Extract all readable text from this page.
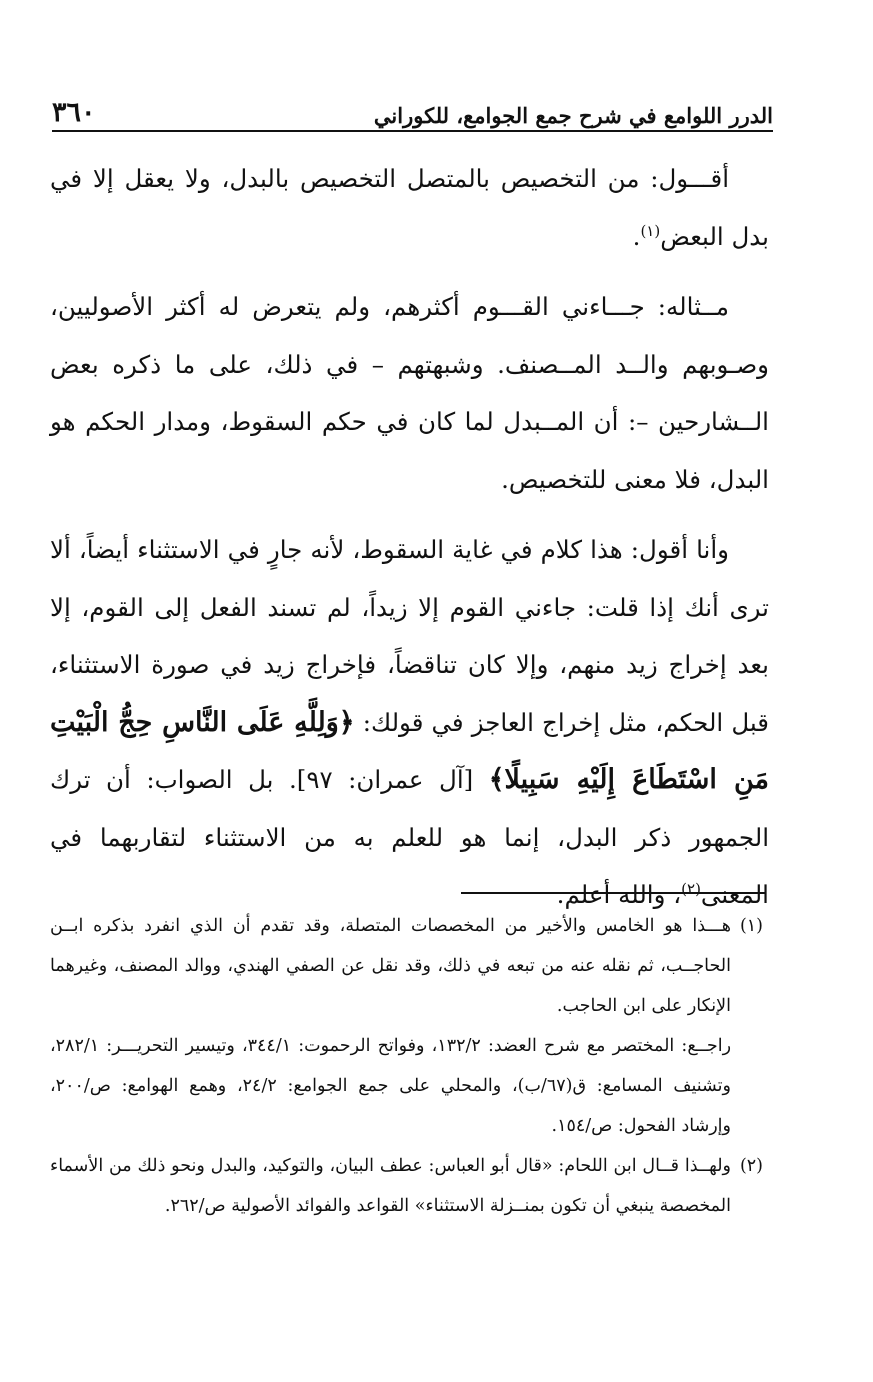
الدرر اللوامع في شرح جمع الجوامع، للكوراني
٣٦٠

أقـــول: من التخصيص بالمتصل التخصيص بالبدل، ولا يعقل إلا في بدل البعض$^{(١)}$.

مــثاله: جـــاءني القـــوم أكثرهم، ولم يتعرض له أكثر الأصوليين، وصـوبهم والــد المــصنف. وشبهتهم – في ذلك، على ما ذكره بعض الــشارحين –: أن المــبدل لما كان في حكم السقوط، ومدار الحكم هو البدل، فلا معنى للتخصيص.

وأنا أقول: هذا كلام في غاية السقوط، لأنه جارٍ في الاستثناء أيضاً، ألا ترى أنك إذا قلت: جاءني القوم إلا زيداً، لم تسند الفعل إلى القوم، إلا بعد إخراج زيد منهم، وإلا كان تناقضاً، فإخراج زيد في صورة الاستثناء، قبل الحكم، مثل إخراج العاجز في قولك: ﴿وَلِلَّهِ عَلَى النَّاسِ حِجُّ الْبَيْتِ مَنِ اسْتَطَاعَ إِلَيْهِ سَبِيلًا﴾ [آل عمران: ٩٧]. بل الصواب: أن ترك الجمهور ذكر البدل، إنما هو للعلم به من الاستثناء لتقاربهما في المعنى$^{(٢)}$، والله أعلم.

(١)هـــذا هو الخامس والأخير من المخصصات المتصلة، وقد تقدم أن الذي انفرد بذكره ابــن الحاجــب، ثم نقله عنه من تبعه في ذلك، وقد نقل عن الصفي الهندي، ووالد المصنف، وغيرهما الإنكار على ابن الحاجب.

راجــع: المختصر مع شرح العضد: ١٣٢/٢، وفواتح الرحموت: ٣٤٤/١، وتيسير التحريـــر: ٢٨٢/١، وتشنيف المسامع: ق(٦٧/ب)، والمحلي على جمع الجوامع: ٢٤/٢، وهمع الهوامع: ص/٢٠٠، وإرشاد الفحول: ص/١٥٤.

(٢)ولهــذا قــال ابن اللحام: «قال أبو العباس: عطف البيان، والتوكيد، والبدل ونحو ذلك من الأسماء المخصصة ينبغي أن تكون بمنــزلة الاستثناء» القواعد والفوائد الأصولية ص/٢٦٢.
